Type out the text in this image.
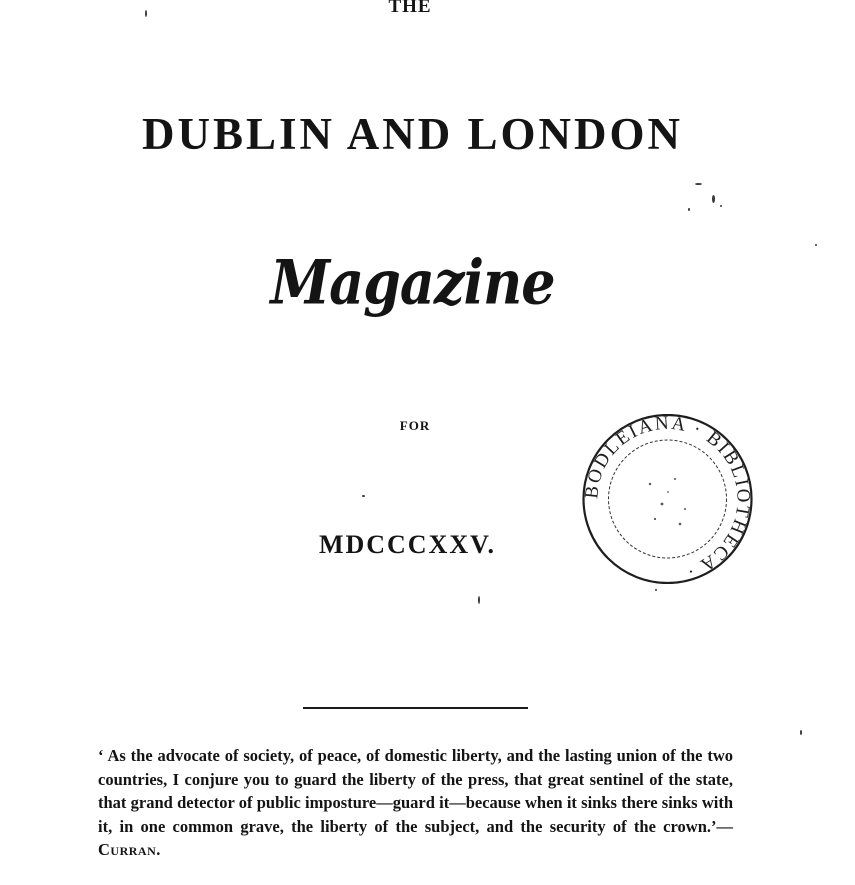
THE
DUBLIN AND LONDON
Magazine
FOR
MDCCCXXV.
BODLEIANA · BIBLIOTHECA ·
‘ As the advocate of society, of peace, of domestic liberty, and the lasting union of the two countries, I conjure you to guard the liberty of the press, that great sentinel of the state, that grand detector of public imposture—guard it—because when it sinks there sinks with it, in one common grave, the liberty of the subject, and the security of the crown.’—Curran.
